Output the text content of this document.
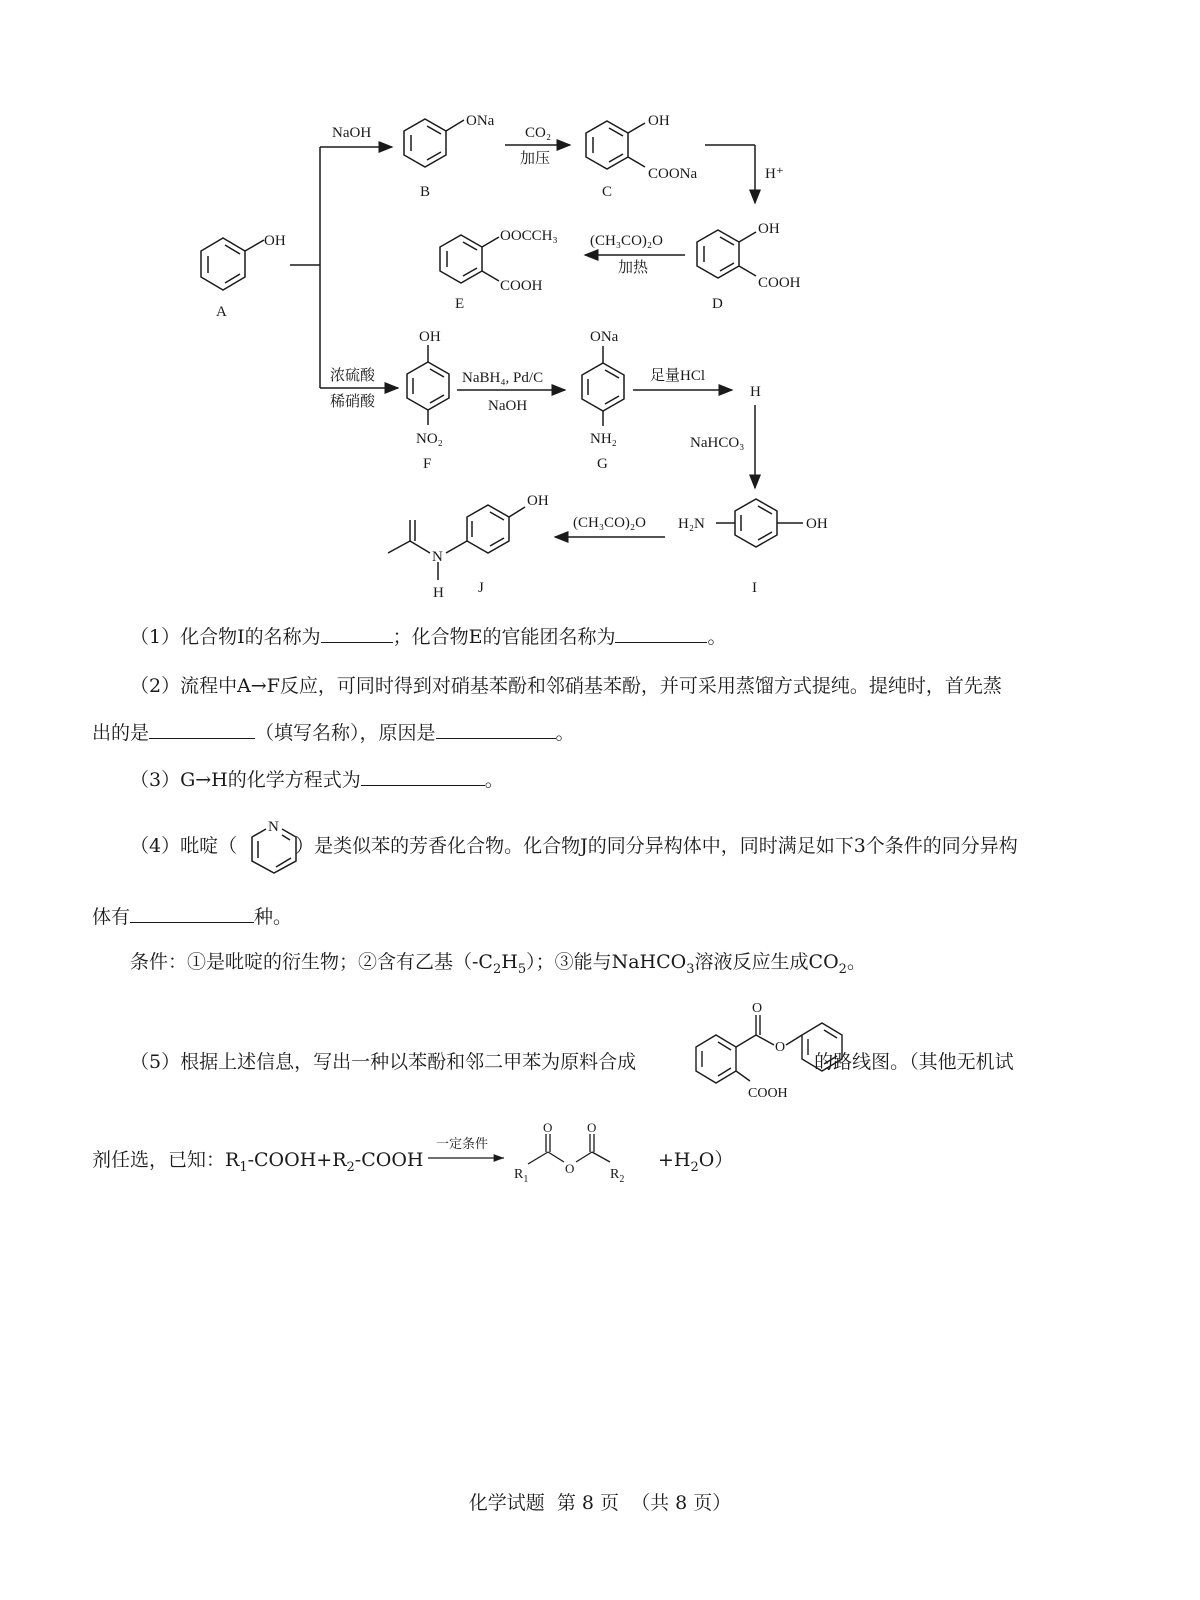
OH
A
NaOH
ONa
B
CO₂
加压
OH
COONa
C
H⁺
OH
COOH
D
(CH₃CO)₂O
加热
OOCCH₃
COOH
E
浓硫酸
稀硝酸
OH
NO₂
F
NaBH₄, Pd/C
NaOH
ONa
NH₂
G
足量HCl
H
NaHCO₃
H₂N	OH
I
(CH₃CO)₂O
OH
N
H J
（1）化合物I的名称为	；化合物E的官能团名称为	。
（2）流程中A→F反应，可同时得到对硝基苯酚和邻硝基苯酚，并可采用蒸馏方式提纯。提纯时，首先蒸
出的是	（填写名称），原因是	。
（3）G→H的化学方程式为	。
（4）吡啶（	）是类似苯的芳香化合物。化合物J的同分异构体中，同时满足如下3个条件的同分异构
N
体有	种。
条件：①是吡啶的衍生物；②含有乙基$(-C_2H_5)$；③能与NaHCO$_3$溶液反应生成$CO_2$。
（5）根据上述信息，写出一种以苯酚和邻二甲苯为原料合成	的路线图。（其他无机试
O
O
COOH
剂任选，已知：$R_1-COOH+R_2$-COOH
一定条件
O	O
O
$R_1$	$R_2$
$+H_2O$）
化学试题  第 8 页  （共 8 页）
